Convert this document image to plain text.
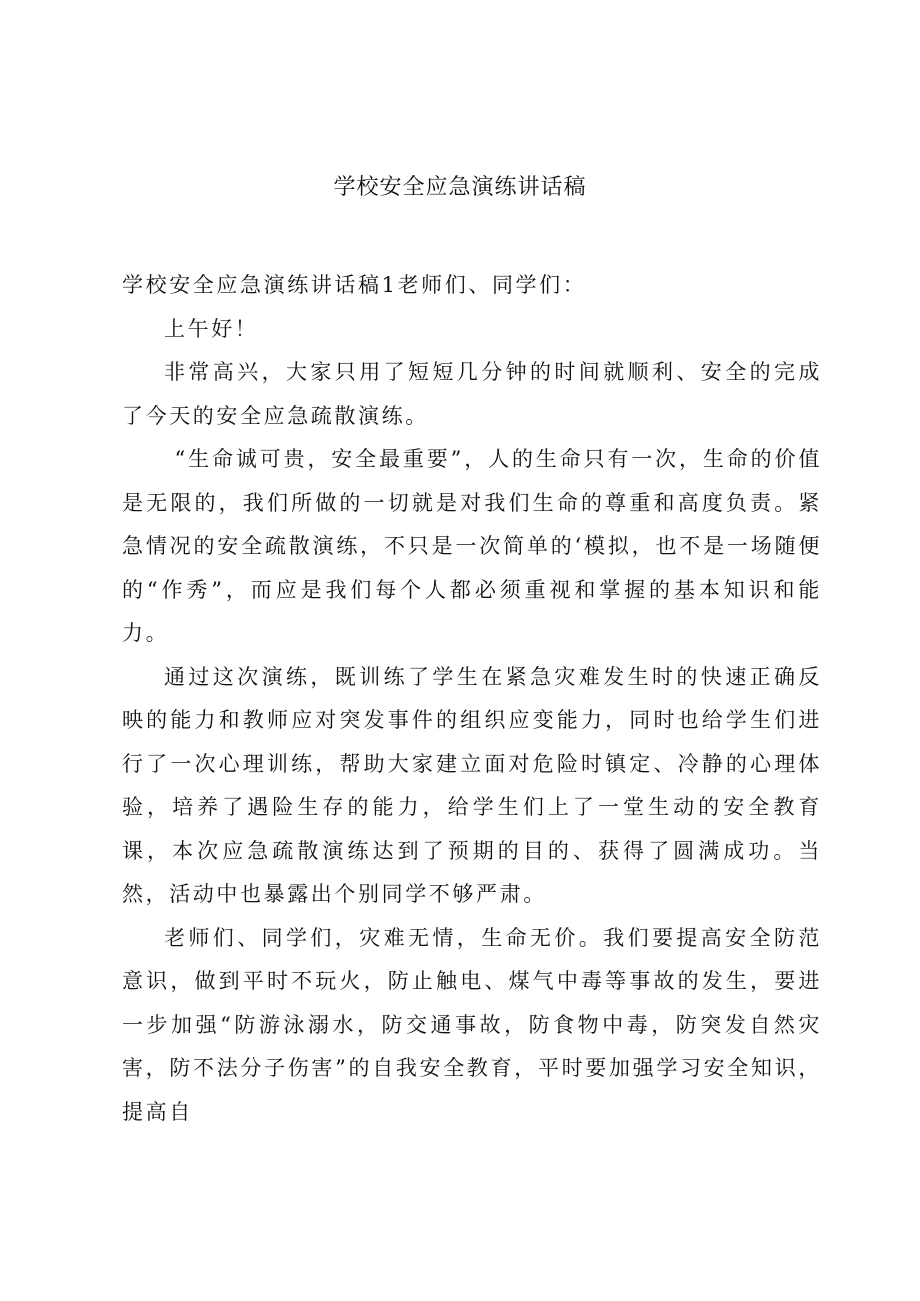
学校安全应急演练讲话稿

学校安全应急演练讲话稿1老师们、同学们：

上午好！

非常高兴，大家只用了短短几分钟的时间就顺利、安全的完成了今天的安全应急疏散演练。

“生命诚可贵，安全最重要”，人的生命只有一次，生命的价值是无限的，我们所做的一切就是对我们生命的尊重和高度负责。紧急情况的安全疏散演练，不只是一次简单的‘模拟，也不是一场随便的“作秀”，而应是我们每个人都必须重视和掌握的基本知识和能力。

通过这次演练，既训练了学生在紧急灾难发生时的快速正确反映的能力和教师应对突发事件的组织应变能力，同时也给学生们进行了一次心理训练，帮助大家建立面对危险时镇定、冷静的心理体验，培养了遇险生存的能力，给学生们上了一堂生动的安全教育课，本次应急疏散演练达到了预期的目的、获得了圆满成功。当然，活动中也暴露出个别同学不够严肃。

老师们、同学们，灾难无情，生命无价。我们要提高安全防范意识，做到平时不玩火，防止触电、煤气中毒等事故的发生，要进一步加强“防游泳溺水，防交通事故，防食物中毒，防突发自然灾害，防不法分子伤害”的自我安全教育，平时要加强学习安全知识，提高自
